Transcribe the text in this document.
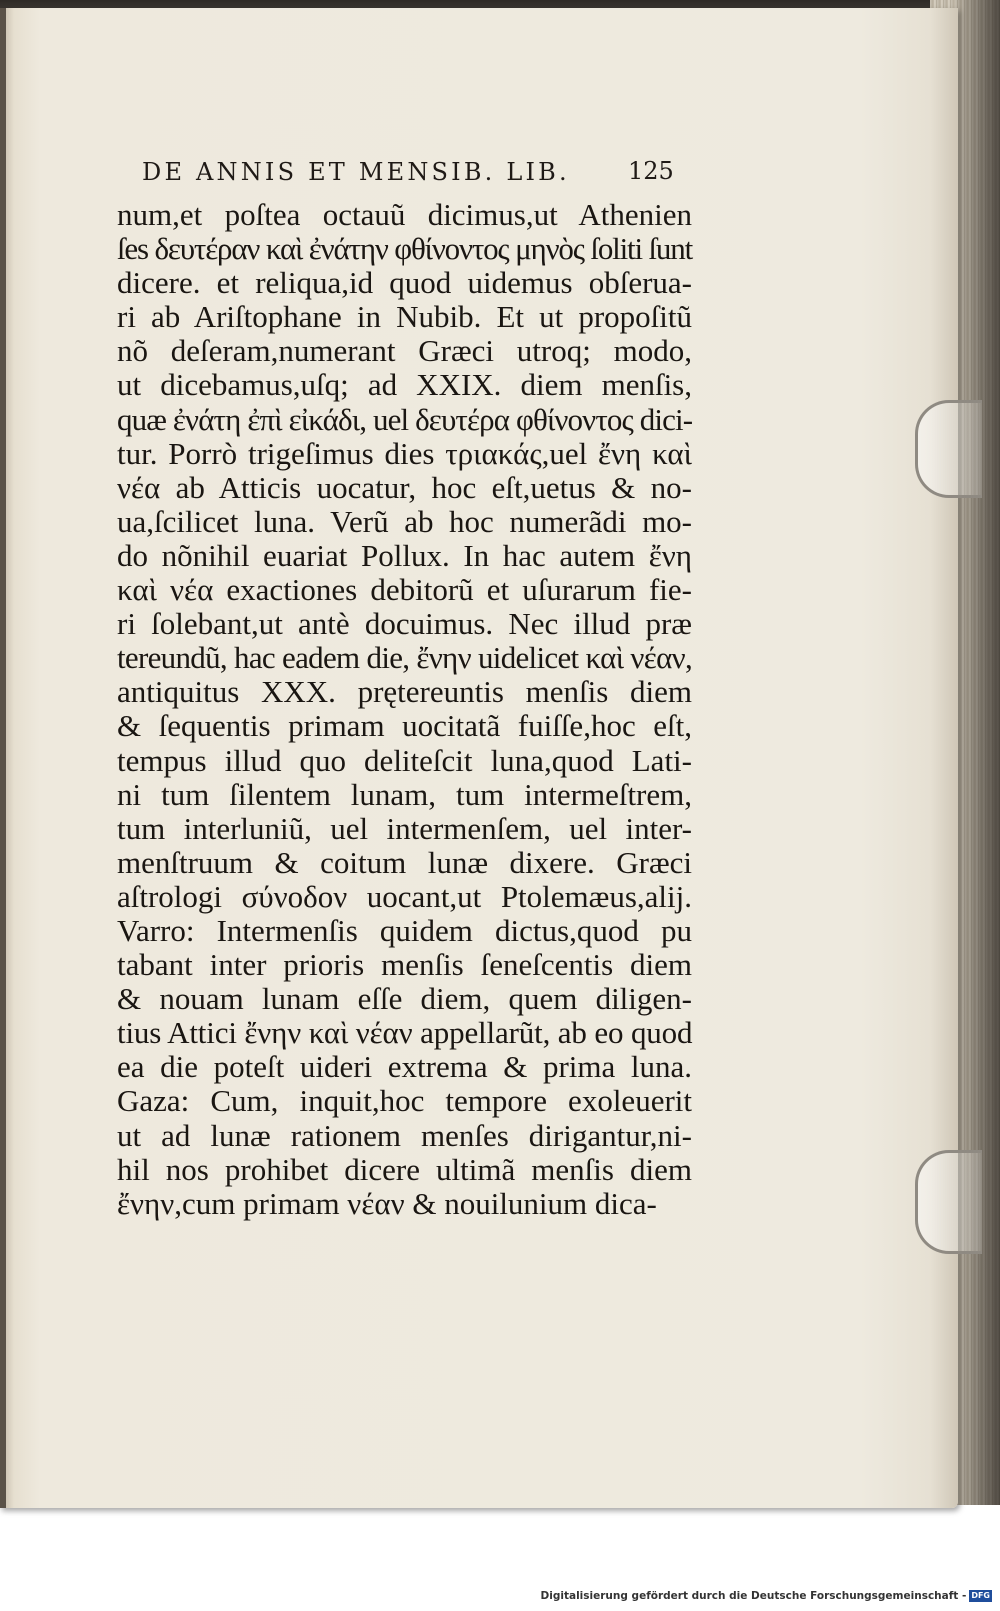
DE ANNIS ET MENSIB. LIB.	125
num,et poſtea octauũ dicimus,ut Athenien
ſes δευτέραν καὶ ἐνάτην φθίνοντος μηνὸς ſoliti ſunt
dicere. et reliqua,id quod uidemus obſerua-
ri ab Ariſtophane in Nubib. Et ut propoſitũ
nõ deſeram,numerant Græci utroq; modo,
ut dicebamus,uſq; ad XXIX. diem menſis,
quæ ἐνάτη ἐπὶ εἰκάδι, uel δευτέρα φθίνοντος dici-
tur. Porrò trigeſimus dies τριακάς,uel ἔνη καὶ
νέα ab Atticis uocatur, hoc eſt,uetus & no-
ua,ſcilicet luna. Verũ ab hoc numerãdi mo-
do nõnihil euariat Pollux. In hac autem ἔνη
καὶ νέα exactiones debitorũ et uſurarum fie-
ri ſolebant,ut antè docuimus. Nec illud præ
tereundũ, hac eadem die, ἔνην uidelicet καὶ νέαν,
antiquitus XXX. prętereuntis menſis diem
& ſequentis primam uocitatã fuiſſe,hoc eſt,
tempus illud quo deliteſcit luna,quod Lati-
ni tum ſilentem lunam, tum intermeſtrem,
tum interluniũ, uel intermenſem, uel inter-
menſtruum & coitum lunæ dixere. Græci
aſtrologi σύνοδον uocant,ut Ptolemæus,alij.
Varro: Intermenſis quidem dictus,quod pu
tabant inter prioris menſis ſeneſcentis diem
& nouam lunam eſſe diem, quem diligen-
tius Attici ἔνην καὶ νέαν appellarũt, ab eo quod
ea die poteſt uideri extrema & prima luna.
Gaza: Cum, inquit,hoc tempore exoleuerit
ut ad lunæ rationem menſes dirigantur,ni-
hil nos prohibet dicere ultimã menſis diem
ἔνην,cum primam νέαν & nouilunium dica-
Digitalisierung gefördert durch die Deutsche Forschungsgemeinschaft - DFG
